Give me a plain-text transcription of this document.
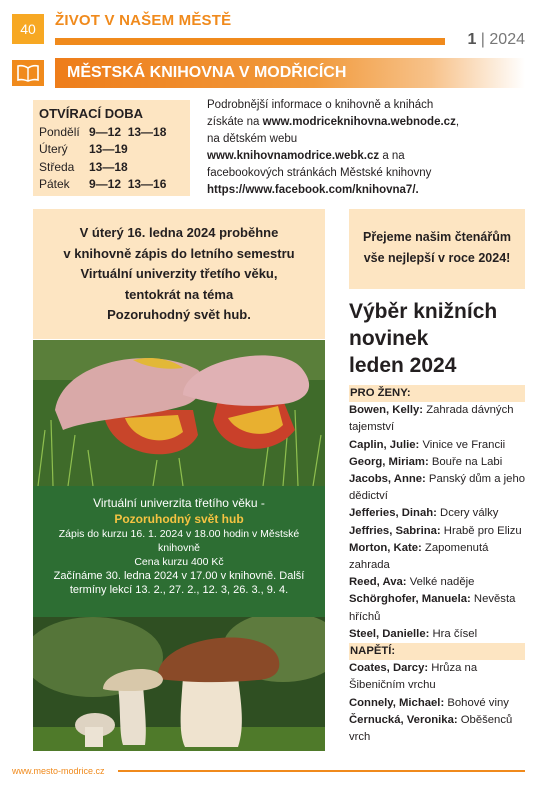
40	ŽIVOT V NAŠEM MĚSTĚ
1 | 2024
MĚSTSKÁ KNIHOVNA V MODŘICÍCH
OTVÍRACÍ DOBA
Pondělí 9—12  13—18
Úterý	13—19
Středa	13—18
Pátek	9—12  13—16
Podrobnější informace o knihovně a knihách
získáte na www.modriceknihovna.webnode.cz,
na dětském webu
www.knihovnamodrice.webk.cz a na
facebookových stránkách Městské knihovny
https://www.facebook.com/knihovna7/.
V úterý 16. ledna 2024 proběhne
v knihovně zápis do letního semestru
Virtuální univerzity třetího věku,
tentokrát na téma
Pozoruhodný svět hub.
Virtuální univerzita třetího věku -
Pozoruhodný svět hub
Zápis do kurzu 16. 1. 2024 v 18.00 hodin v Městské knihovně
Cena kurzu 400 Kč
Začínáme 30. ledna 2024 v 17.00 v knihovně. Další termíny lekcí 13. 2., 27. 2., 12. 3, 26. 3., 9. 4.
Přejeme našim čtenářům
vše nejlepší v roce 2024!
Výběr knižních
novinek
leden 2024
PRO ŽENY:
Bowen, Kelly: Zahrada dávných tajemství
Caplin, Julie: Vinice ve Francii
Georg, Miriam: Bouře na Labi
Jacobs, Anne: Panský dům a jeho dědictví
Jefferies, Dinah: Dcery války
Jeffries, Sabrina: Hrabě pro Elizu
Morton, Kate: Zapomenutá zahrada
Reed, Ava: Velké naděje
Schörghofer, Manuela: Nevěsta hříchů
Steel, Danielle: Hra čísel
NAPĚTÍ:
Coates, Darcy: Hrůza na Šibeničním vrchu
Connely, Michael: Bohové viny
Černucká, Veronika: Oběšenců vrch
www.mesto-modrice.cz
